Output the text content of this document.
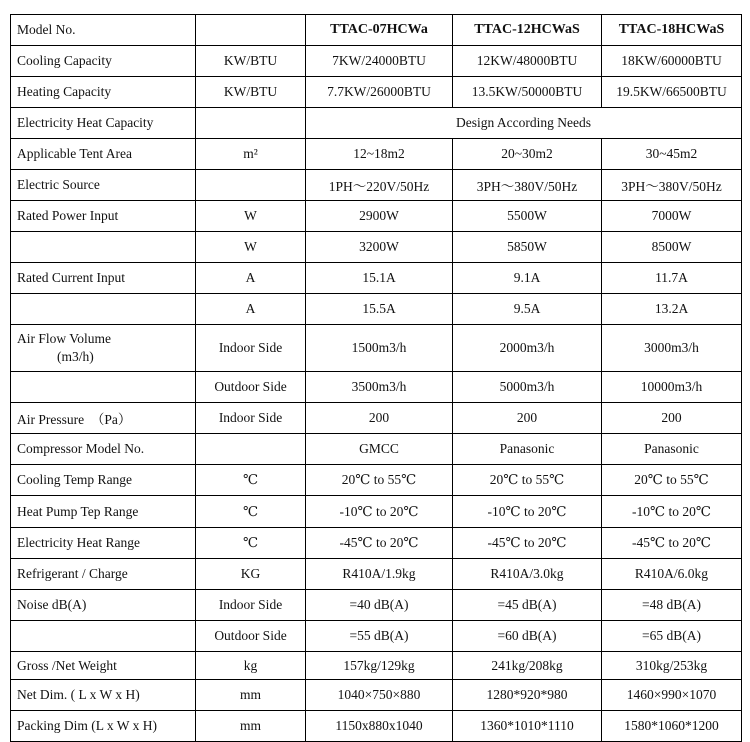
Model No.		TTAC-07HCWa	TTAC-12HCWaS	TTAC-18HCWaS
Cooling Capacity	KW/BTU	7KW/24000BTU	12KW/48000BTU	18KW/60000BTU
Heating Capacity	KW/BTU	7.7KW/26000BTU	13.5KW/50000BTU	19.5KW/66500BTU
Electricity Heat Capacity		Design According Needs		
Applicable Tent Area	m²	12~18m2	20~30m2	30~45m2
Electric Source		1PH～220V/50Hz	3PH～380V/50Hz	3PH～380V/50Hz
Rated Power Input	W	2900W	5500W	7000W
	W	3200W	5850W	8500W
Rated Current Input	A	15.1A	9.1A	11.7A
	A	15.5A	9.5A	13.2A
Air Flow Volume
(m3/h)	Indoor Side	1500m3/h	2000m3/h	3000m3/h
	Outdoor Side	3500m3/h	5000m3/h	10000m3/h
Air Pressure　（Pa）	Indoor Side	200	200	200
Compressor Model No.		GMCC	Panasonic	Panasonic
Cooling Temp Range	℃	20℃ to 55℃	20℃ to 55℃	20℃ to 55℃
Heat Pump Tep Range	℃	-10℃ to 20℃	-10℃ to 20℃	-10℃ to 20℃
Electricity Heat Range	℃	-45℃ to 20℃	-45℃ to 20℃	-45℃ to 20℃
Refrigerant / Charge	KG	R410A/1.9kg	R410A/3.0kg	R410A/6.0kg
Noise dB(A)	Indoor Side	=40 dB(A)	=45 dB(A)	=48 dB(A)
	Outdoor Side	=55 dB(A)	=60 dB(A)	=65 dB(A)
Gross /Net Weight	kg	157kg/129kg	241kg/208kg	310kg/253kg
Net Dim. ( L x W x H)	mm	1040×750×880	1280*920*980	1460×990×1070
Packing Dim (L x W x H)	mm	1150x880x1040	1360*1010*1110	1580*1060*1200
